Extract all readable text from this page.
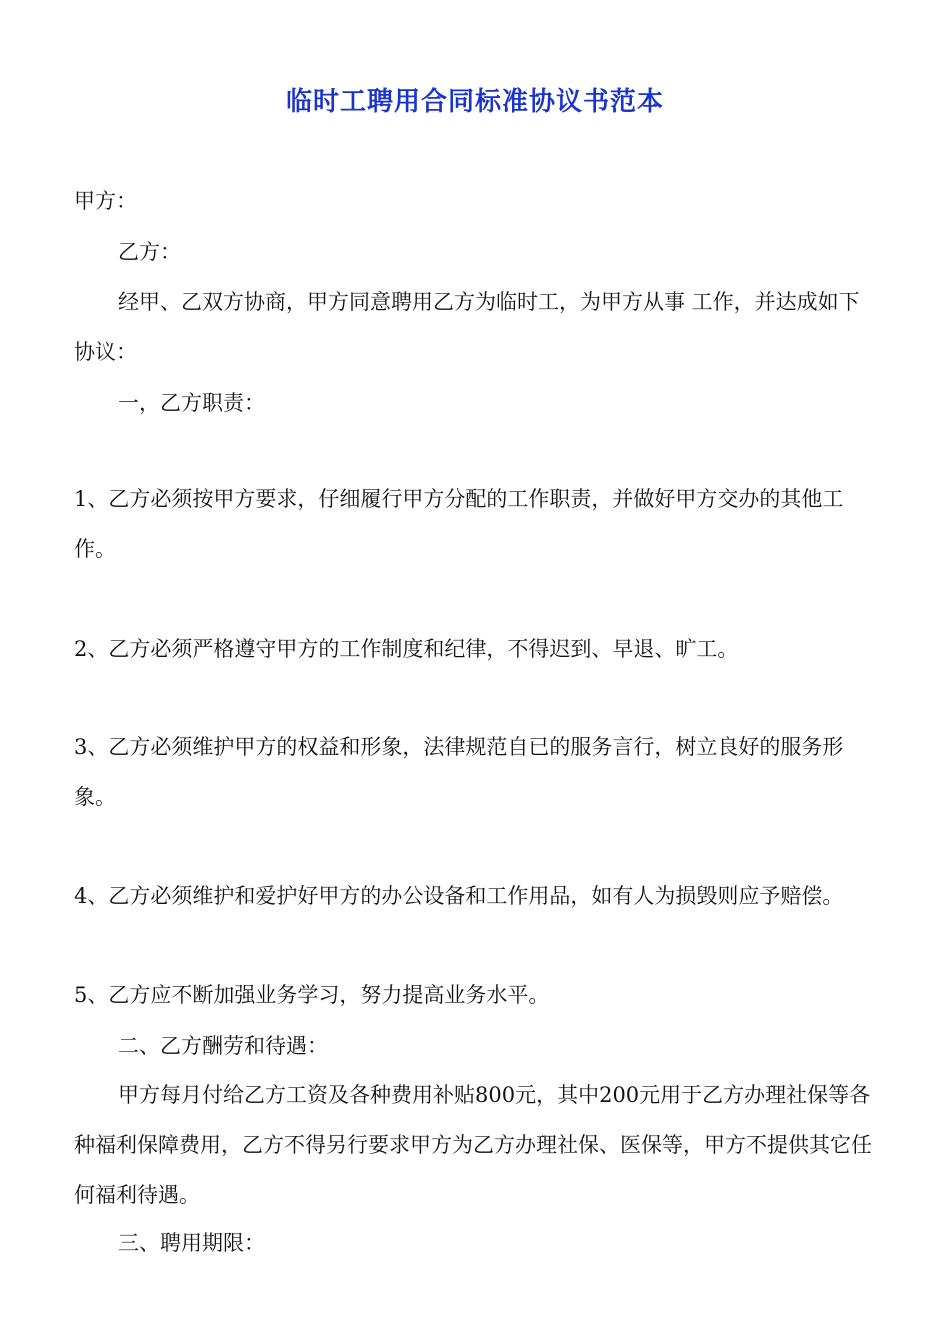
临时工聘用合同标准协议书范本

甲方：

乙方：

经甲、乙双方协商，甲方同意聘用乙方为临时工，为甲方从事 工作，并达成如下协议：

一，乙方职责：

1、乙方必须按甲方要求，仔细履行甲方分配的工作职责，并做好甲方交办的其他工作。

2、乙方必须严格遵守甲方的工作制度和纪律，不得迟到、早退、旷工。

3、乙方必须维护甲方的权益和形象，法律规范自已的服务言行，树立良好的服务形象。

4、乙方必须维护和爱护好甲方的办公设备和工作用品，如有人为损毁则应予赔偿。

5、乙方应不断加强业务学习，努力提高业务水平。

二、乙方酬劳和待遇：

甲方每月付给乙方工资及各种费用补贴800元，其中200元用于乙方办理社保等各种福利保障费用，乙方不得另行要求甲方为乙方办理社保、医保等，甲方不提供其它任何福利待遇。

三、聘用期限：
